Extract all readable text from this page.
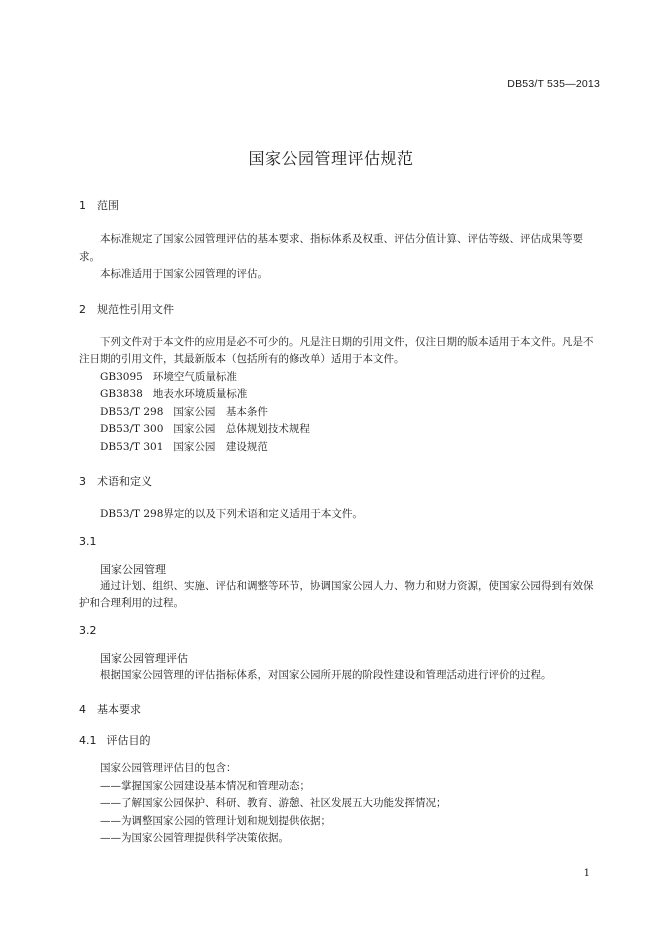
DB53/T 535—2013
国家公园管理评估规范
1 范围

本标准规定了国家公园管理评估的基本要求、指标体系及权重、评估分值计算、评估等级、评估成果等要求。

本标准适用于国家公园管理的评估。

2 规范性引用文件

下列文件对于本文件的应用是必不可少的。凡是注日期的引用文件，仅注日期的版本适用于本文件。凡是不注日期的引用文件，其最新版本（包括所有的修改单）适用于本文件。

GB3095 环境空气质量标准
GB3838 地表水环境质量标准
DB53/T 298 国家公园　基本条件
DB53/T 300 国家公园　总体规划技术规程
DB53/T 301 国家公园　建设规范
3 术语和定义

DB53/T 298界定的以及下列术语和定义适用于本文件。

3.1

国家公园管理

通过计划、组织、实施、评估和调整等环节，协调国家公园人力、物力和财力资源，使国家公园得到有效保护和合理利用的过程。

3.2

国家公园管理评估

根据国家公园管理的评估指标体系，对国家公园所开展的阶段性建设和管理活动进行评价的过程。

4 基本要求
4.1 评估目的

国家公园管理评估目的包含：

——掌握国家公园建设基本情况和管理动态；

——了解国家公园保护、科研、教育、游憩、社区发展五大功能发挥情况；

——为调整国家公园的管理计划和规划提供依据；

——为国家公园管理提供科学决策依据。

1
